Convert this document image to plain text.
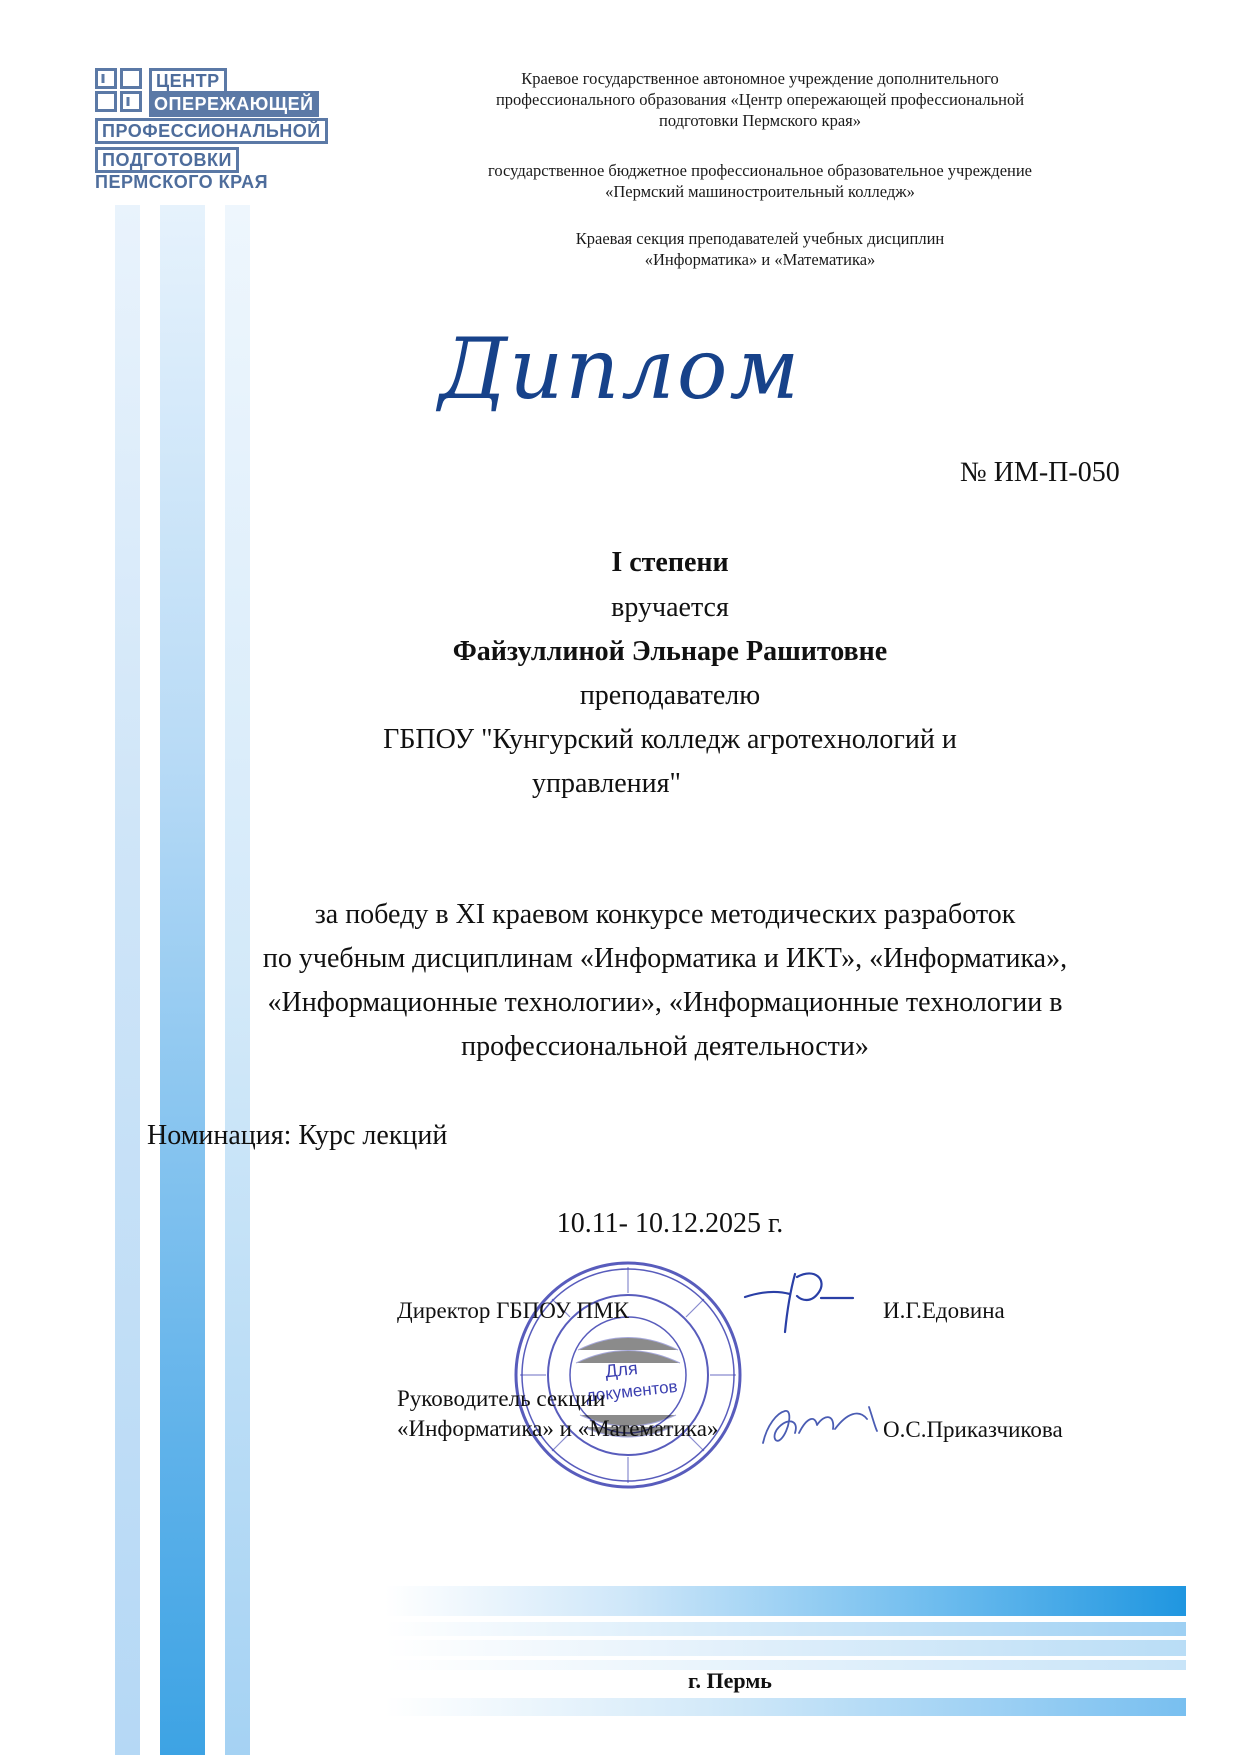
ЦЕНТР
ОПЕРЕЖАЮЩЕЙ
ПРОФЕССИОНАЛЬНОЙ
ПОДГОТОВКИ
ПЕРМСКОГО КРАЯ
Краевое государственное автономное учреждение дополнительного
профессионального образования «Центр опережающей профессиональной
подготовки Пермского края»
государственное бюджетное профессиональное образовательное учреждение
«Пермский машиностроительный колледж»
Краевая секция преподавателей учебных дисциплин
«Информатика» и «Математика»
Диплом
№ ИМ-П-050
I степени
вручается
Файзуллиной Эльнаре Рашитовне
преподавателю
ГБПОУ "Кунгурский колледж агротехнологий и
управления"
за победу в XI краевом конкурсе методических разработок
по учебным дисциплинам «Информатика и ИКТ», «Информатика»,
«Информационные технологии», «Информационные технологии в
профессиональной деятельности»
Номинация: Курс лекций
10.11- 10.12.2025 г.
Для
документов
Директор ГБПОУ ПМК	И.Г.Едовина
Руководитель секции
«Информатика» и «Математика»	О.С.Приказчикова
г. Пермь
